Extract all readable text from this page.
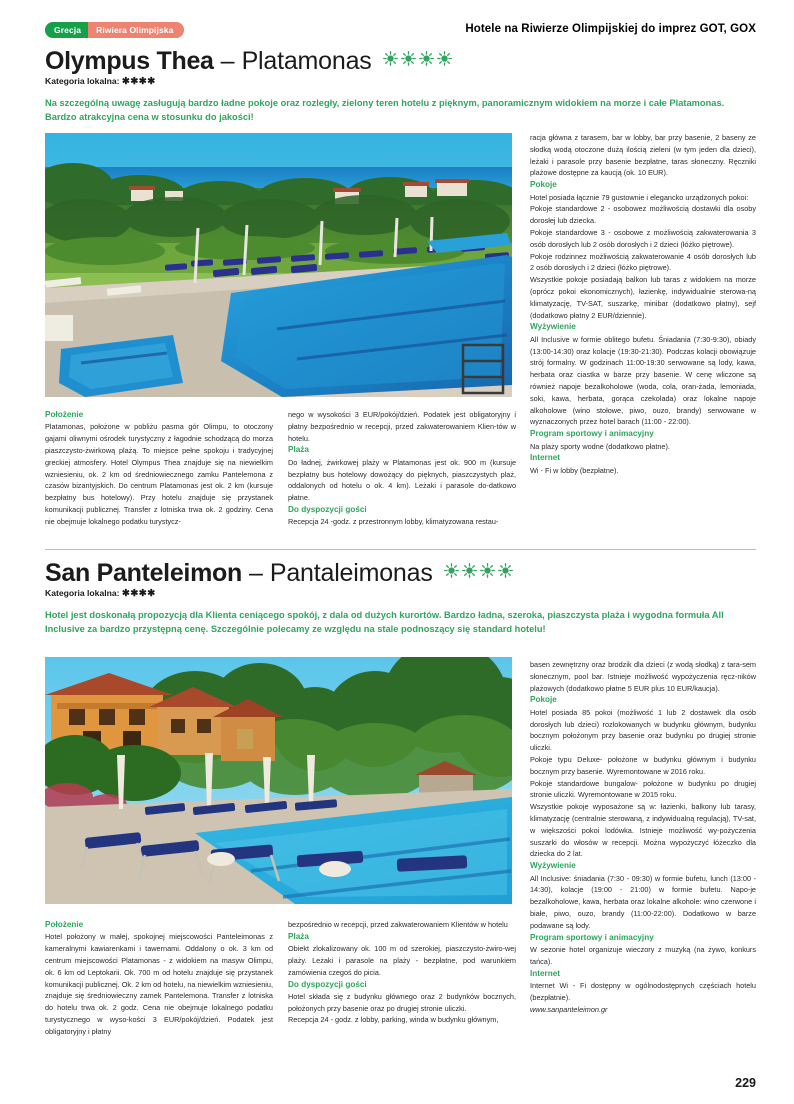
Grecja	Riwiera Olimpijska	Hotele na Riwierze Olimpijskiej do imprez GOT, GOX
Olympus Thea – Platamonas
Kategoria lokalna: ✱✱✱✱
Na szczególną uwagę zasługują bardzo ładne pokoje oraz rozległy, zielony teren hotelu z pięknym, panoramicznym widokiem na morze i całe Platamonas. Bardzo atrakcyjna cena w stosunku do jakości!

Położenie

Platamonas, położone w pobliżu pasma gór Olimpu, to otoczony gajami oliwnymi ośrodek turystyczny z łagodnie schodzącą do morza piaszczysto-żwirkową plażą. To miejsce pełne spokoju i tradycyjnej greckiej atmosfery. Hotel Olympus Thea znajduje się na niewielkim wzniesieniu, ok. 2 km od średniowiecznego zamku Pantelemona z czasów bizantyjskich. Do centrum Platamonas jest ok. 2 km (kursuje bezpłatny bus hotelowy). Przy hotelu znajduje się przystanek komunikacji publicznej. Transfer z lotniska trwa ok. 2 godziny. Cena nie obejmuje lokalnego podatku turystycz-

nego w wysokości 3 EUR/pokój/dzień. Podatek jest obligatoryjny i płatny bezpośrednio w recepcji, przed zakwaterowaniem Klien-tów w hotelu.

Plaża

Do ładnej, żwirkowej plaży w Platamonas jest ok. 900 m (kursuje bezpłatny bus hotelowy dowożący do pięknych, piaszczystych plaż, oddalonych od hotelu o ok. 4 km). Leżaki i parasole do-datkowo płatne.

Do dyspozycji gości

Recepcja 24 -godz. z przestronnym lobby, klimatyzowana restau-

racja główna z tarasem, bar w lobby, bar przy basenie, 2 baseny ze słodką wodą otoczone dużą ilością zieleni (w tym jeden dla dzieci), leżaki i parasole przy basenie bezpłatne, taras słoneczny. Ręczniki plażowe dostępne za kaucją (ok. 10 EUR).

Pokoje

Hotel posiada łącznie 79 gustownie i elegancko urządzonych pokoi:

Pokoje standardowe 2 - osobowez możliwością dostawki dla osoby dorosłej lub dziecka.

Pokoje standardowe 3 - osobowe z możliwością zakwaterowania 3 osób dorosłych lub 2 osób dorosłych i 2 dzieci (łóżko piętrowe).

Pokoje rodzinnez możliwością zakwaterowanie 4 osób dorosłych lub 2 osób dorosłych i 2 dzieci (łóżko piętrowe).

Wszystkie pokoje posiadają balkon lub taras z widokiem na morze (oprócz pokoi ekonomicznych), łazienkę, indywidualnie sterowa-ną klimatyzację, TV-SAT, suszarkę, minibar (dodatkowo płatny), sejf (dodatkowo płatny 2 EUR/dziennie).

Wyżywienie

All Inclusive w formie oblitego bufetu. Śniadania (7:30-9:30), obiady (13:00-14:30) oraz kolacje (19:30-21:30). Podczas kolacji obowiązuje strój formalny. W godzinach 11:00-19:30 serwowane są lody, kawa, herbata oraz ciastka w barze przy basenie. W cenę wliczone są również napoje bezalkoholowe (woda, cola, oran-żada, lemoniada, soki, kawa, herbata, gorąca czekolada) oraz lokalne napoje alkoholowe (wino stołowe, piwo, ouzo, brandy) serwowane w wyznaczonych przez hotel barach (11:00 - 22:00).

Program sportowy i animacyjny

Na plaży sporty wodne (dodatkowo płatne).

Internet

Wi - Fi w lobby (bezpłatne).

San Panteleimon – Pantaleimonas
Kategoria lokalna: ✱✱✱✱
Hotel jest doskonałą propozycją dla Klienta ceniącego spokój, z dala od dużych kurortów. Bardzo ładna, szeroka, piaszczysta plaża i wygodna formuła All Inclusive za bardzo przystępną cenę. Szczególnie polecamy ze względu na stale podnoszący się standard hotelu!

Położenie

Hotel położony w małej, spokojnej miejscowości Panteleimonas z kameralnymi kawiarenkami i tawernami. Oddalony o ok. 3 km od centrum miejscowości Platamonas - z widokiem na masyw Olimpu, ok. 6 km od Leptokarii. Ok. 700 m od hotelu znajduje się przystanek komunikacji publicznej. Ok. 2 km od hotelu, na niewielkim wzniesieniu, znajduje się średniowieczny zamek Pantelemona. Transfer z lotniska do hotelu trwa ok. 2 godz. Cena nie obejmuje lokalnego podatku turystycznego w wyso-kości 3 EUR/pokój/dzień. Podatek jest obligatoryjny i płatny

bezpośrednio w recepcji, przed zakwaterowaniem Klientów w hotelu

Plaża

Obiekt zlokalizowany ok. 100 m od szerokiej, piaszczysto-żwiro-wej plaży. Leżaki i parasole na plaży - bezpłatne, pod warunkiem zamówienia czegoś do picia.

Do dyspozycji gości

Hotel składa się z budynku głównego oraz 2 budynków bocznych, położonych przy basenie oraz po drugiej stronie uliczki.

Recepcja 24 - godz. z lobby, parking, winda w budynku głównym,

basen zewnętrzny oraz brodzik dla dzieci (z wodą słodką) z tara-sem słonecznym, pool bar. Istnieje możliwość wypożyczenia ręcz-ników plażowych (dodatkowo płatne 5 EUR plus 10 EUR/kaucja).

Pokoje

Hotel posiada 85 pokoi (możliwość 1 lub 2 dostawek dla osób dorosłych lub dzieci) rozlokowanych w budynku głównym, budynku bocznym położonym przy basenie oraz budynku po drugiej stronie uliczki.

Pokoje typu Deluxe- położone w budynku głównym i budynku bocznym przy basenie. Wyremontowane w 2016 roku.

Pokoje standardowe bungalow- położone w budynku po drugiej stronie uliczki. Wyremontowane w 2015 roku.

Wszystkie pokoje wyposażone są w: łazienki, balkony lub tarasy, klimatyzację (centralnie sterowaną, z indywidualną regulacją), TV-sat, w większości pokoi lodówka. Istnieje możliwość wy-pożyczenia suszarki do włosów w recepcji. Można wypożyczyć łóżeczko dla dziecka do 2 lat.

Wyżywienie

All Inclusive: śniadania (7:30 - 09:30) w formie bufetu, lunch (13:00 - 14:30), kolacje (19:00 - 21:00) w formie bufetu. Napo-je bezalkoholowe, kawa, herbata oraz lokalne alkohole: wino czerwone i białe, piwo, ouzo, brandy (11:00-22:00). Dodatkowo w barze podawane są lody.

Program sportowy i animacyjny

W sezonie hotel organizuje wieczory z muzyką (na żywo, konkurs tańca).

Internet

Internet Wi - Fi dostępny w ogólnodostępnych częściach hotelu (bezpłatnie).

www.sanpanteleimon.gr

229
